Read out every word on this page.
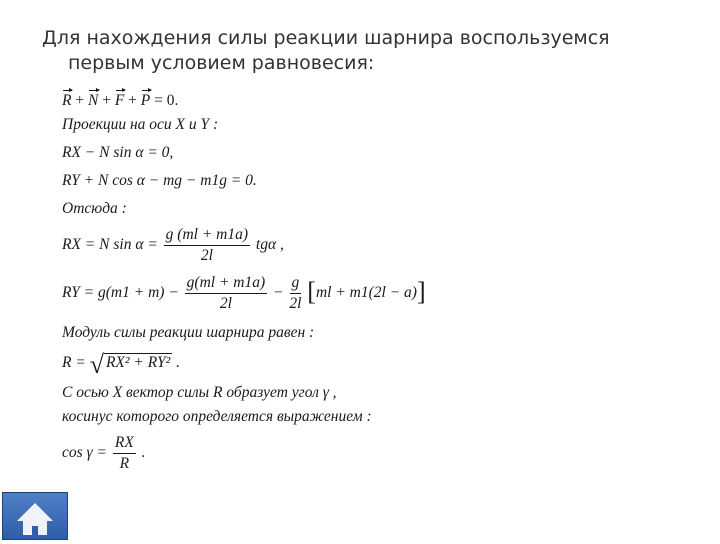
Для нахождения силы реакции шарнира воспользуемся
первым условием равновесия:
R + N + F + P = 0.
Проекции на оси X и Y :
RX − N sin α = 0,
RY + N cos α − mg − m1g = 0.
Отсюда :
RX = N $\sin \alpha = \frac{g (ml + m1a)}{2l}$ tgα ,
RY = $g(m1 + m) - \frac{g(ml + m1a)}{2l} - \frac{g}{2l} [ml + m1(2l - a)]$
Модуль силы реакции шарнира равен :
R = √ RX² + RY² .
С осью X вектор силы R образует угол γ ,
косинус которого определяется выражением :
$\cos \gamma = \frac{RX}{R}$ .
